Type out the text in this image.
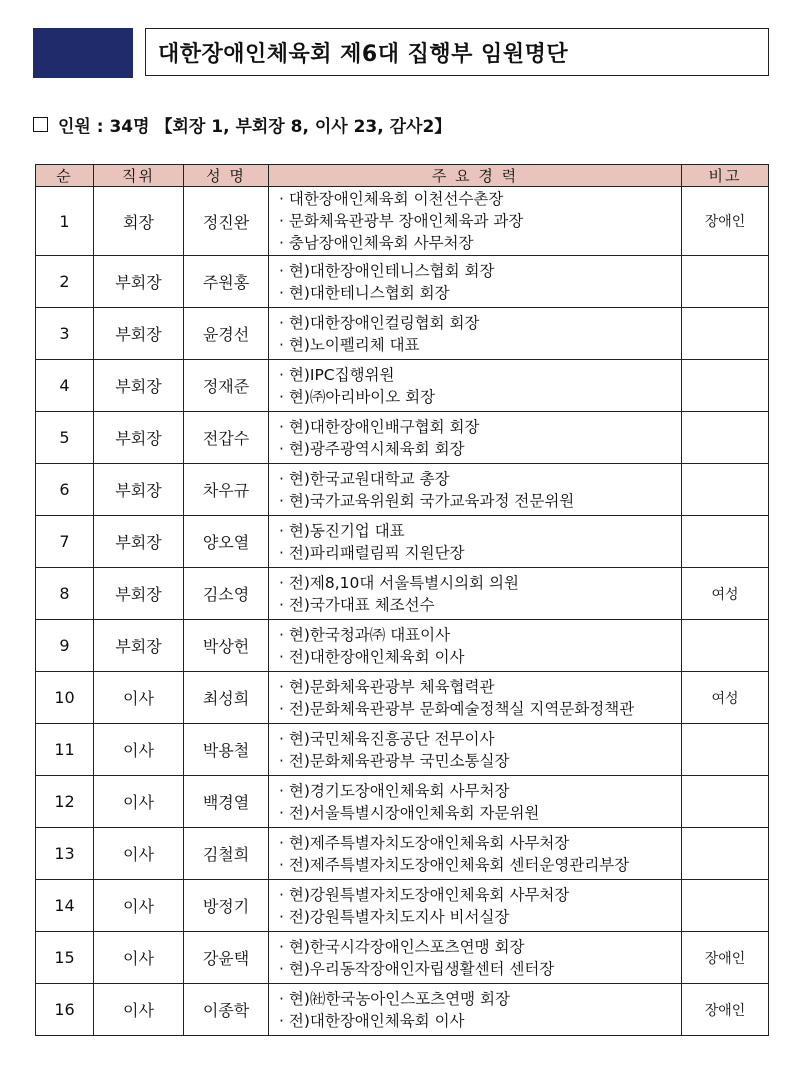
대한장애인체육회 제6대 집행부 임원명단
인원 : 34명 【회장 1, 부회장 8, 이사 23, 감사2】
순	직위	성 명	주 요 경 력	비고
1	회장	정진완	· 대한장애인체육회 이천선수촌장
· 문화체육관광부 장애인체육과 과장
· 충남장애인체육회 사무처장	장애인
2	부회장	주원홍	· 현)대한장애인테니스협회 회장
· 현)대한테니스협회 회장	

3	부회장	윤경선	· 현)대한장애인컬링협회 회장
· 현)노이펠리체 대표	

4	부회장	정재준	· 현)IPC집행위원
· 현)㈜아리바이오 회장	

5	부회장	전갑수	· 현)대한장애인배구협회 회장
· 현)광주광역시체육회 회장	

6	부회장	차우규	· 현)한국교원대학교 총장
· 현)국가교육위원회 국가교육과정 전문위원	

7	부회장	양오열	· 현)동진기업 대표
· 전)파리패럴림픽 지원단장	

8	부회장	김소영	· 전)제8,10대 서울특별시의회 의원
· 전)국가대표 체조선수	여성
9	부회장	박상헌	· 현)한국청과㈜ 대표이사
· 전)대한장애인체육회 이사	

10	이사	최성희	· 현)문화체육관광부 체육협력관
· 전)문화체육관광부 문화예술정책실 지역문화정책관	여성
11	이사	박용철	· 현)국민체육진흥공단 전무이사
· 전)문화체육관광부 국민소통실장	

12	이사	백경열	· 현)경기도장애인체육회 사무처장
· 전)서울특별시장애인체육회 자문위원	

13	이사	김철희	· 현)제주특별자치도장애인체육회 사무처장
· 전)제주특별자치도장애인체육회 센터운영관리부장	

14	이사	방정기	· 현)강원특별자치도장애인체육회 사무처장
· 전)강원특별자치도지사 비서실장	

15	이사	강윤택	· 현)한국시각장애인스포츠연맹 회장
· 현)우리동작장애인자립생활센터 센터장	장애인
16	이사	이종학	· 현)㈳한국농아인스포츠연맹 회장
· 전)대한장애인체육회 이사	장애인
